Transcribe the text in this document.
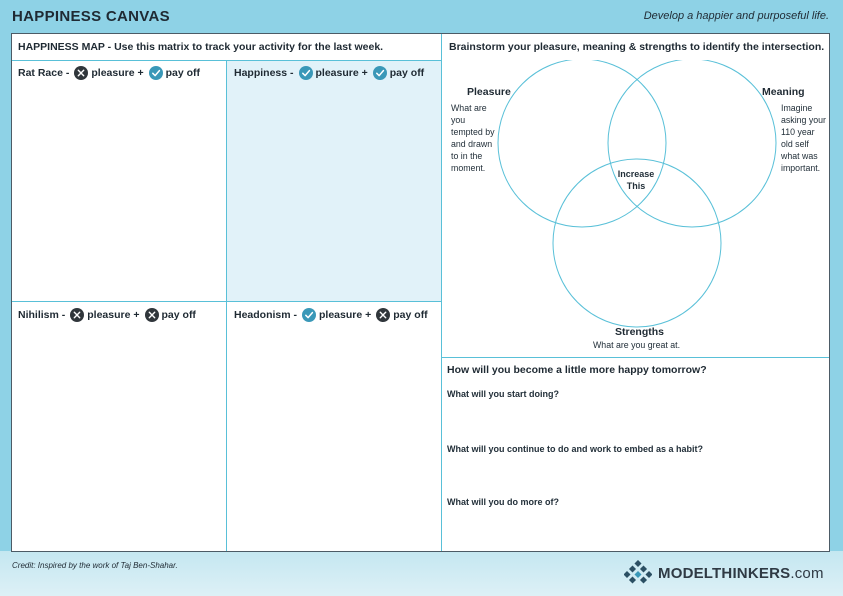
HAPPINESS CANVAS	Develop a happier and purposeful life.
HAPPINESS MAP - Use this matrix to track your activity for the last week.
Rat Race - pleasure + pay off	Happiness - pleasure + pay off
Nihilism - pleasure + pay off	Headonism - pleasure + pay off
Brainstorm your pleasure, meaning & strengths to identify the intersection.
Pleasure
What are
you
tempted by
and drawn
to in the
moment.
Meaning
Imagine
asking your
110 year
old self
what was
important.
Increase
This
Strengths
What are you great at.
How will you become a little more happy tomorrow?
What will you start doing?
What will you continue to do and work to embed as a habit?
What will you do more of?
Credit: Inspired by the work of Taj Ben-Shahar.	MODELTHINKERS.com
